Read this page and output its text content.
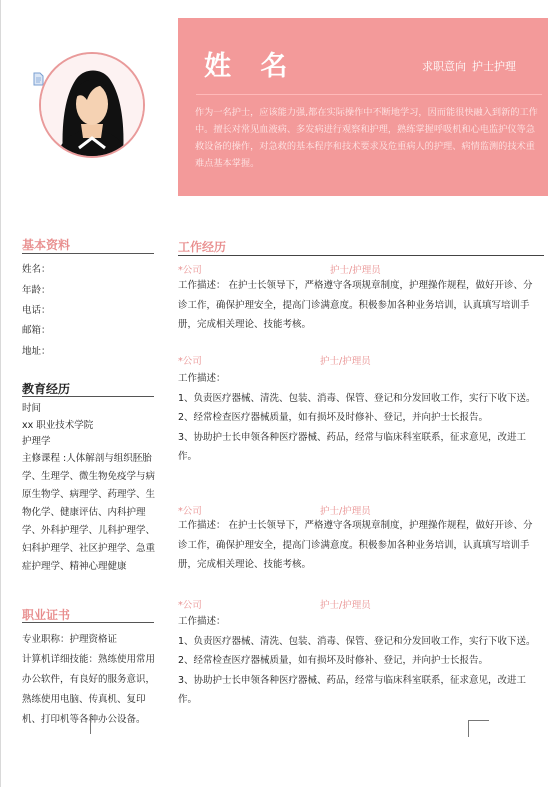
姓 名	求职意向 护士护理
作为一名护士，应该能力强,都在实际操作中不断地学习，因而能很快融入到新的工作中。擅长对常见血液病、多发病进行观察和护理，熟练掌握呼吸机和心电监护仪等急救设备的操作，对急救的基本程序和技术要求及危重病人的护理、病情监测的技术重难点基本掌握。
基本资料
姓名：
年龄：
电话：
邮箱：
地址：
教育经历
时间
xx 职业技术学院
护理学
主修课程 :人体解剖与组织胚胎学、生理学、微生物免疫学与病原生物学、病理学、药理学、生物化学、健康评估、内科护理学、外科护理学、儿科护理学、妇科护理学、社区护理学、急重症护理学、精神心理健康
职业证书
专业职称：护理资格证
计算机详细技能：熟练使用常用办公软件，有良好的服务意识，熟练使用电脑、传真机、复印机、打印机等各种办公设备。
工作经历
*公司	护士/护理员
工作描述： 在护士长领导下，严格遵守各项规章制度，护理操作规程，做好开诊、分诊工作，确保护理安全，提高门诊满意度。积极参加各种业务培训，认真填写培训手册，完成相关理论、技能考核。
*公司	护士/护理员
工作描述：
1、负责医疗器械、清洗、包装、消毒、保管、登记和分发回收工作，实行下收下送。
2、经常检查医疗器械质量，如有损坏及时修补、登记，并向护士长报告。
3、协助护士长申领各种医疗器械、药品，经常与临床科室联系，征求意见，改进工作。
*公司	护士/护理员
工作描述： 在护士长领导下，严格遵守各项规章制度，护理操作规程，做好开诊、分诊工作，确保护理安全，提高门诊满意度。积极参加各种业务培训，认真填写培训手册，完成相关理论、技能考核。
*公司	护士/护理员
工作描述：
1、负责医疗器械、清洗、包装、消毒、保管、登记和分发回收工作，实行下收下送。
2、经常检查医疗器械质量，如有损坏及时修补、登记，并向护士长报告。
3、协助护士长申领各种医疗器械、药品，经常与临床科室联系，征求意见，改进工作。
